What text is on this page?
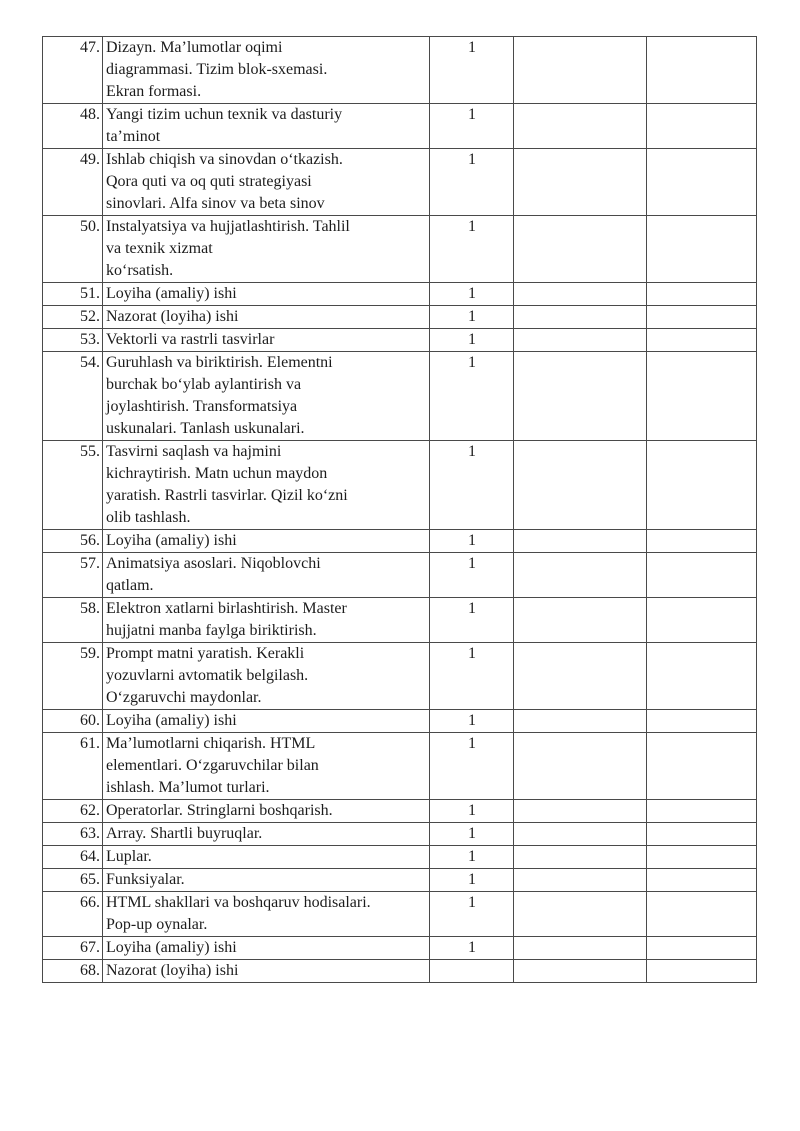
47.	Dizayn. Ma’lumotlar oqimi
diagrammasi. Tizim blok-sxemasi.
Ekran formasi.	1		
48.	Yangi tizim uchun texnik va dasturiy
ta’minot	1		
49.	Ishlab chiqish va sinovdan o‘tkazish.
Qora quti va oq quti strategiyasi
sinovlari. Alfa sinov va beta sinov	1		
50.	Instalyatsiya va hujjatlashtirish. Tahlil
va texnik xizmat
ko‘rsatish.	1		
51.	Loyiha (amaliy) ishi	1		
52.	Nazorat (loyiha) ishi	1		
53.	Vektorli va rastrli tasvirlar	1		
54.	Guruhlash va biriktirish. Elementni
burchak bo‘ylab aylantirish va
joylashtirish. Transformatsiya
uskunalari. Tanlash uskunalari.	1		
55.	Tasvirni saqlash va hajmini
kichraytirish. Matn uchun maydon
yaratish. Rastrli tasvirlar. Qizil ko‘zni
olib tashlash.	1		
56.	Loyiha (amaliy) ishi	1		
57.	Animatsiya asoslari. Niqoblovchi
qatlam.	1		
58.	Elektron xatlarni birlashtirish. Master
hujjatni manba faylga biriktirish.	1		
59.	Prompt matni yaratish. Kerakli
yozuvlarni avtomatik belgilash.
O‘zgaruvchi maydonlar.	1		
60.	Loyiha (amaliy) ishi	1		
61.	Ma’lumotlarni chiqarish. HTML
elementlari. O‘zgaruvchilar bilan
ishlash. Ma’lumot turlari.	1		
62.	Operatorlar. Stringlarni boshqarish.	1		
63.	Array. Shartli buyruqlar.	1		
64.	Luplar.	1		
65.	Funksiyalar.	1		
66.	HTML shakllari va boshqaruv hodisalari.
Pop-up oynalar.	1		
67.	Loyiha (amaliy) ishi	1		
68.	Nazorat (loyiha) ishi			
